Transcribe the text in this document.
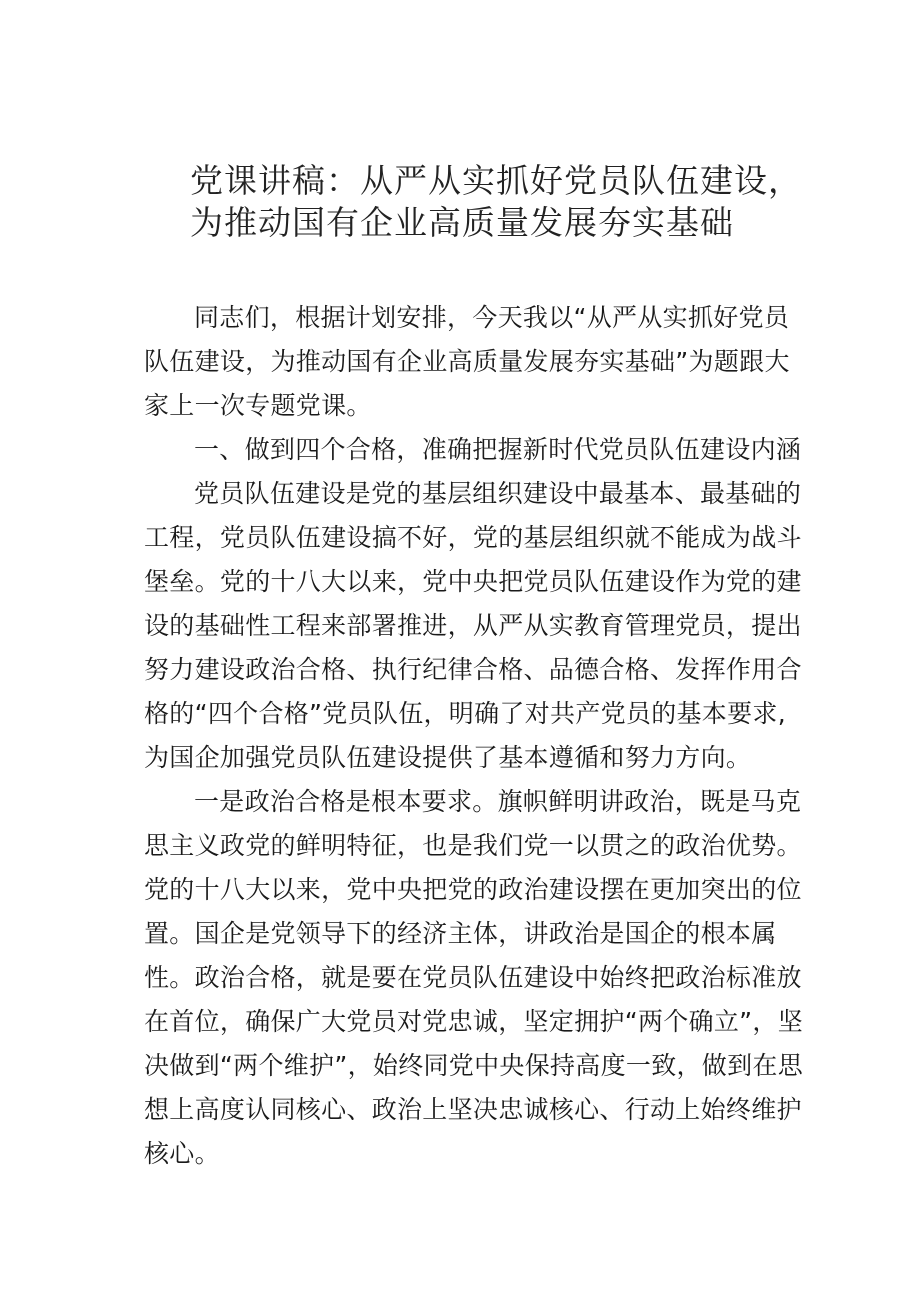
党课讲稿：从严从实抓好党员队伍建设，
为推动国有企业高质量发展夯实基础

同志们，根据计划安排，今天我以“从严从实抓好党员队伍建设，为推动国有企业高质量发展夯实基础”为题跟大家上一次专题党课。

一、做到四个合格，准确把握新时代党员队伍建设内涵

党员队伍建设是党的基层组织建设中最基本、最基础的工程，党员队伍建设搞不好，党的基层组织就不能成为战斗堡垒。党的十八大以来，党中央把党员队伍建设作为党的建设的基础性工程来部署推进，从严从实教育管理党员，提出努力建设政治合格、执行纪律合格、品德合格、发挥作用合格的“四个合格”党员队伍，明确了对共产党员的基本要求,为国企加强党员队伍建设提供了基本遵循和努力方向。

一是政治合格是根本要求。旗帜鲜明讲政治，既是马克思主义政党的鲜明特征，也是我们党一以贯之的政治优势。党的十八大以来，党中央把党的政治建设摆在更加突出的位置。国企是党领导下的经济主体，讲政治是国企的根本属性。政治合格，就是要在党员队伍建设中始终把政治标准放在首位，确保广大党员对党忠诚，坚定拥护“两个确立”，坚决做到“两个维护”，始终同党中央保持高度一致，做到在思想上高度认同核心、政治上坚决忠诚核心、行动上始终维护核心。
